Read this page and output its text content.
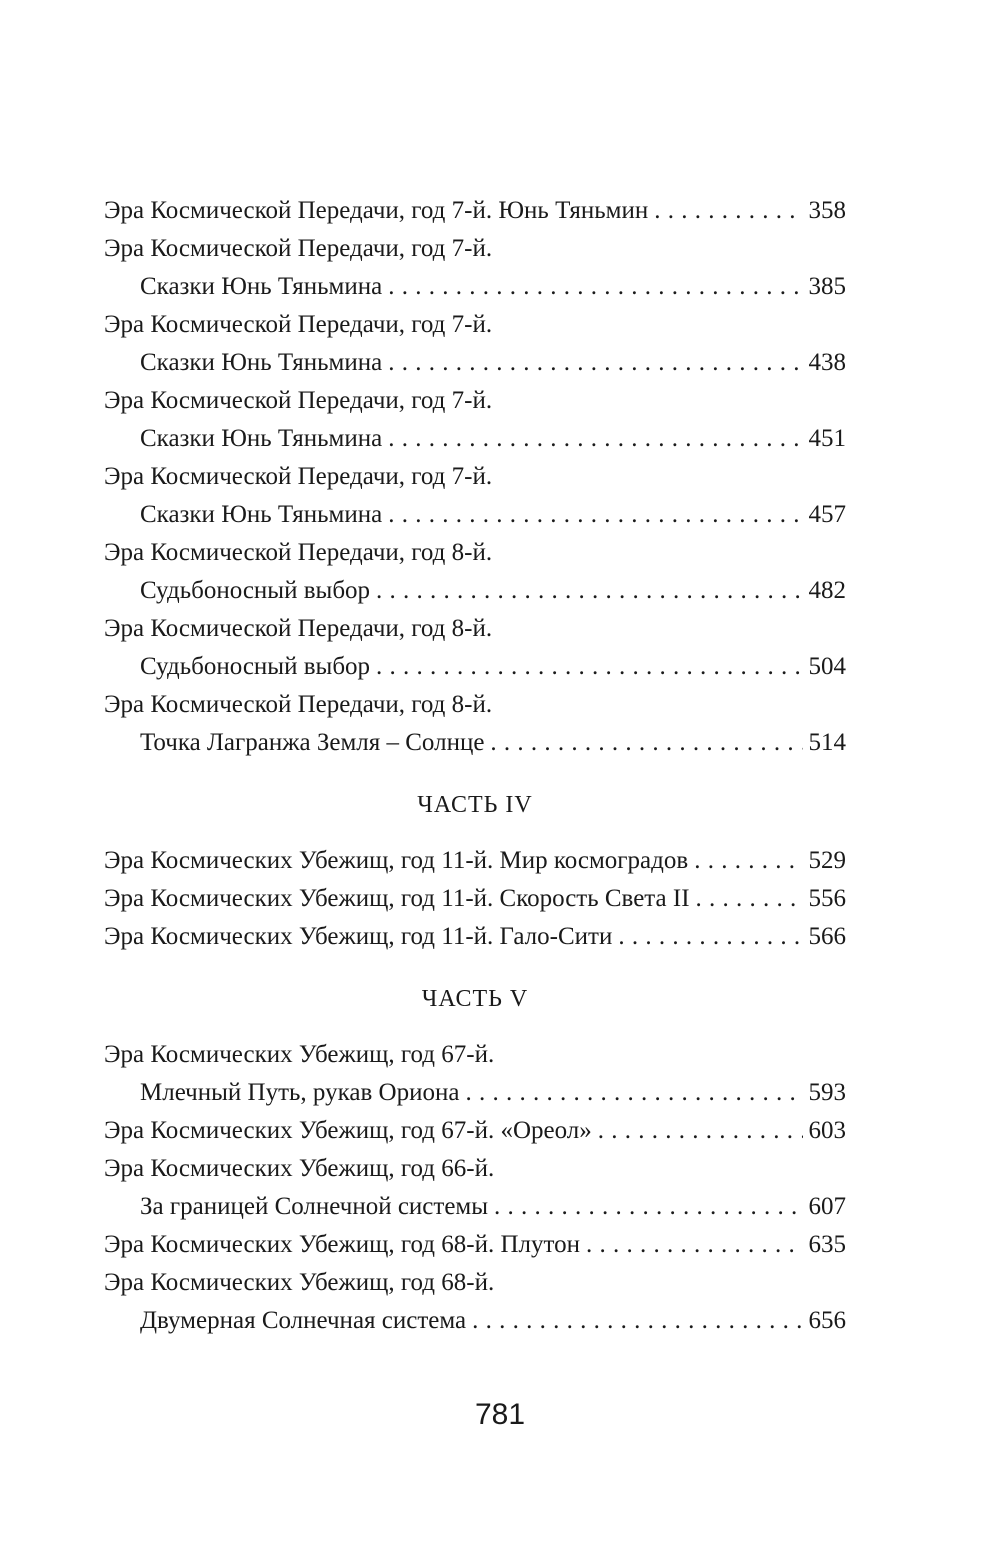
Эра Космической Передачи, год 7-й. Юнь Тяньмин . . .	358
Эра Космической Передачи, год 7-й.
Сказки Юнь Тяньмина . . .	385
Эра Космической Передачи, год 7-й.
Сказки Юнь Тяньмина . . .	438
Эра Космической Передачи, год 7-й.
Сказки Юнь Тяньмина . . .	451
Эра Космической Передачи, год 7-й.
Сказки Юнь Тяньмина . . .	457
Эра Космической Передачи, год 8-й.
Судьбоносный выбор . . .	482
Эра Космической Передачи, год 8-й.
Судьбоносный выбор . . .	504
Эра Космической Передачи, год 8-й.
Точка Лагранжа Земля – Солнце . . .	514
ЧАСТЬ IV
Эра Космических Убежищ, год 11-й. Мир космоградов . . .	529
Эра Космических Убежищ, год 11-й. Скорость Света II . . .	556
Эра Космических Убежищ, год 11-й. Гало-Сити . . .	566
ЧАСТЬ V
Эра Космических Убежищ, год 67-й.
Млечный Путь, рукав Ориона . . .	593
Эра Космических Убежищ, год 67-й. «Ореол» . . .	603
Эра Космических Убежищ, год 66-й.
За границей Солнечной системы . . .	607
Эра Космических Убежищ, год 68-й. Плутон . . .	635
Эра Космических Убежищ, год 68-й.
Двумерная Солнечная система . . .	656
781
